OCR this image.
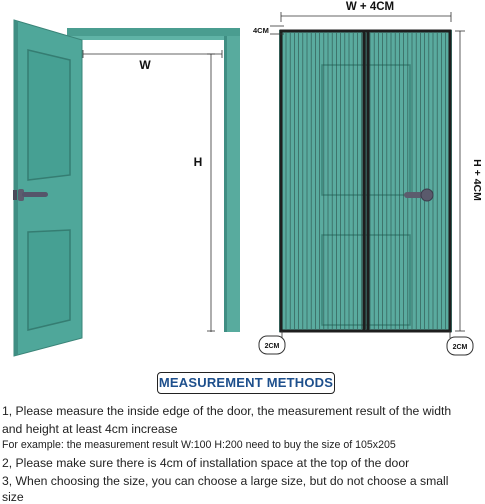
W
H
W + 4CM
4CM
H + 4CM
2CM	2CM
MEASUREMENT METHODS
1, Please measure the inside edge of the door, the measurement result of the width
and height at least 4cm increase
For example: the measurement result W:100 H:200 need to buy the size of 105x205
2, Please make sure there is 4cm of installation space at the top of the door
3, When choosing the size, you can choose a large size, but do not choose a small
size
